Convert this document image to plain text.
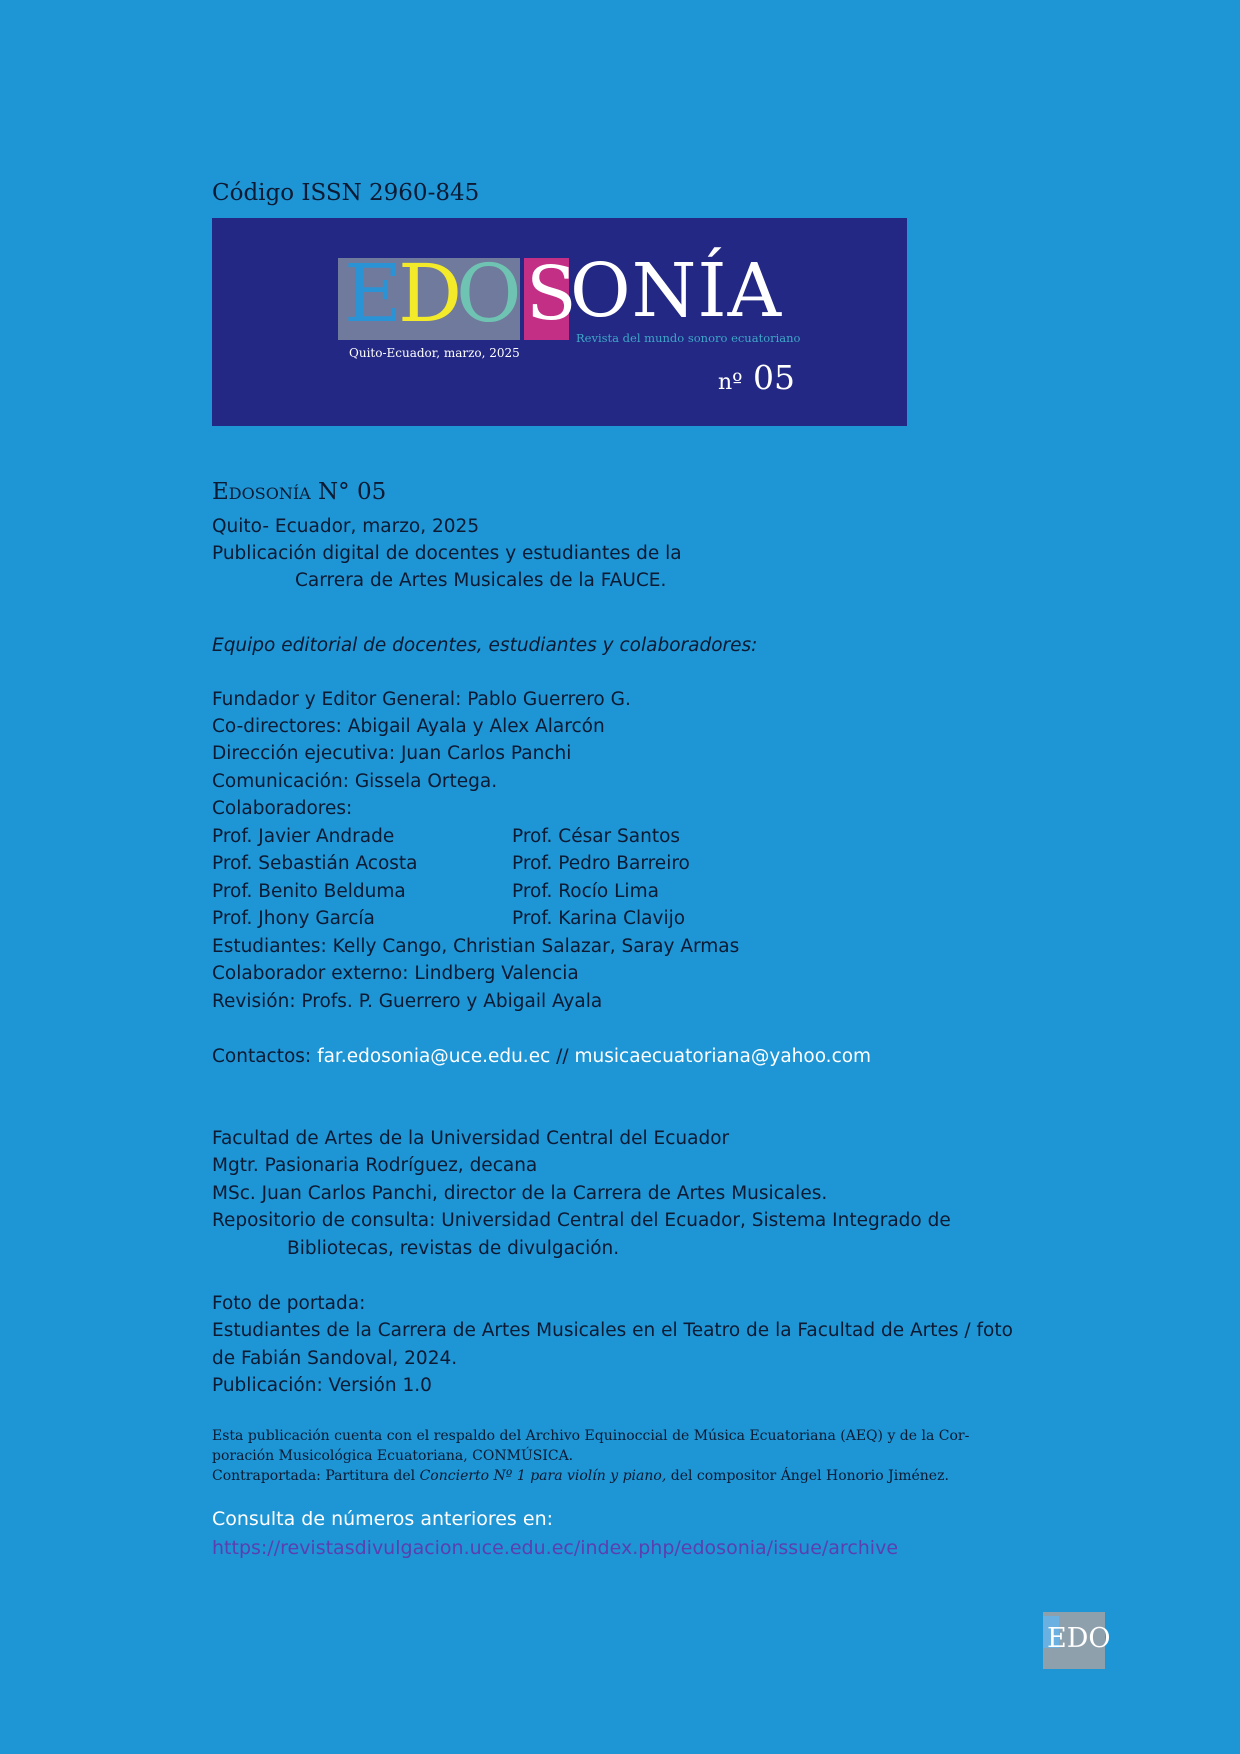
Código ISSN 2960-845
E
D
O S
ONÍA
Revista del mundo sonoro ecuatoriano
Quito-Ecuador, marzo, 2025
nº 05
Edosonía N° 05
Quito- Ecuador, marzo, 2025
Publicación digital de docentes y estudiantes de la
Carrera de Artes Musicales de la FAUCE.
Equipo editorial de docentes, estudiantes y colaboradores:
Fundador y Editor General: Pablo Guerrero G.
Co-directores: Abigail Ayala y Alex Alarcón
Dirección ejecutiva: Juan Carlos Panchi
Comunicación: Gissela Ortega.
Colaboradores:
Prof. Javier Andrade	Prof. César Santos
Prof. Sebastián Acosta	Prof. Pedro Barreiro
Prof. Benito Belduma	Prof. Rocío Lima
Prof. Jhony García	Prof. Karina Clavijo
Estudiantes: Kelly Cango, Christian Salazar, Saray Armas
Colaborador externo: Lindberg Valencia
Revisión: Profs. P. Guerrero y Abigail Ayala
Contactos: far.edosonia@uce.edu.ec // musicaecuatoriana@yahoo.com
Facultad de Artes de la Universidad Central del Ecuador
Mgtr. Pasionaria Rodríguez, decana
MSc. Juan Carlos Panchi, director de la Carrera de Artes Musicales.
Repositorio de consulta: Universidad Central del Ecuador, Sistema Integrado de
Bibliotecas, revistas de divulgación.
Foto de portada:
Estudiantes de la Carrera de Artes Musicales en el Teatro de la Facultad de Artes / foto
de Fabián Sandoval, 2024.
Publicación: Versión 1.0
Esta publicación cuenta con el respaldo del Archivo Equinoccial de Música Ecuatoriana (AEQ) y de la Cor-
poración Musicológica Ecuatoriana, CONMÚSICA.
Contraportada: Partitura del Concierto Nº 1 para violín y piano, del compositor Ángel Honorio Jiménez.
Consulta de números anteriores en:
https://revistasdivulgacion.uce.edu.ec/index.php/edosonia/issue/archive
EDO
